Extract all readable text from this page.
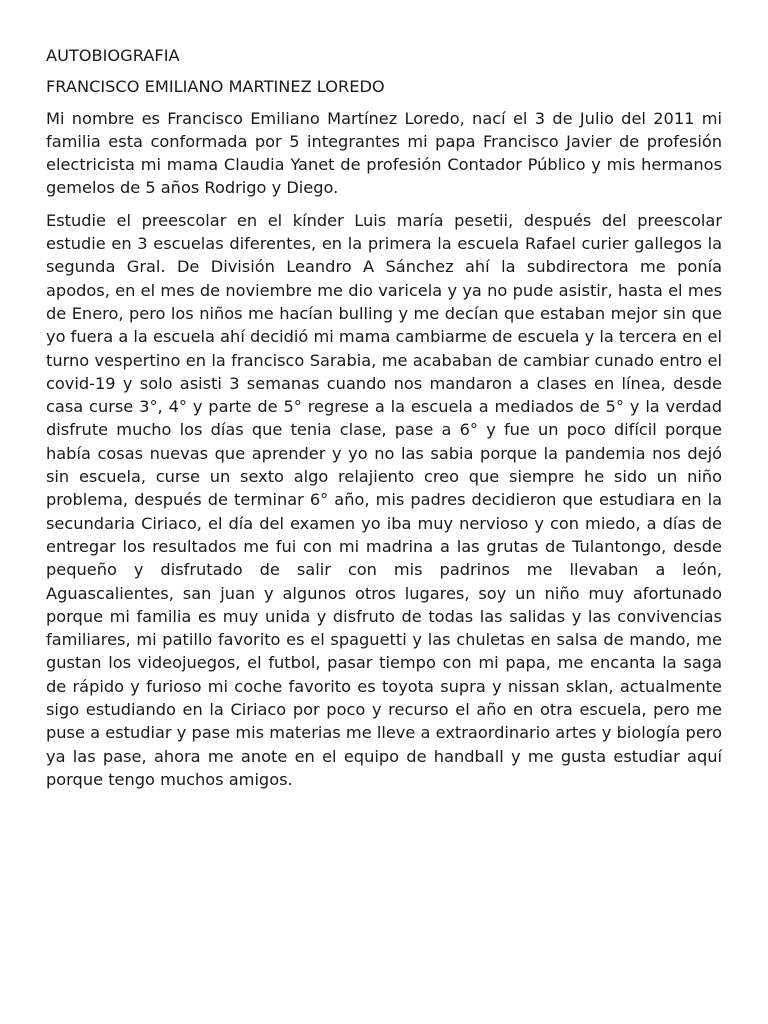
AUTOBIOGRAFIA

FRANCISCO EMILIANO MARTINEZ LOREDO

Mi nombre es Francisco Emiliano Martínez Loredo, nací el 3 de Julio del 2011 mi familia esta conformada por 5 integrantes mi papa Francisco Javier de profesión electricista mi mama Claudia Yanet de profesión Contador Público y mis hermanos gemelos de 5 años Rodrigo y Diego.

Estudie el preescolar en el kínder Luis maría pesetii, después del preescolar estudie en 3 escuelas diferentes, en la primera la escuela Rafael curier gallegos la segunda Gral. De División Leandro A Sánchez ahí la subdirectora me ponía apodos, en el mes de noviembre me dio varicela y ya no pude asistir, hasta el mes de Enero, pero los niños me hacían bulling y me decían que estaban mejor sin que yo fuera a la escuela ahí decidió mi mama cambiarme de escuela y la tercera en el turno vespertino en la francisco Sarabia, me acababan de cambiar cunado entro el covid-19 y solo asisti 3 semanas cuando nos mandaron a clases en línea, desde casa curse 3°, 4° y parte de 5° regrese a la escuela a mediados de 5° y la verdad disfrute mucho los días que tenia clase, pase a 6° y fue un poco difícil porque había cosas nuevas que aprender y yo no las sabia porque la pandemia nos dejó sin escuela, curse un sexto algo relajiento creo que siempre he sido un niño problema, después de terminar 6° año, mis padres decidieron que estudiara en la secundaria Ciriaco, el día del examen yo iba muy nervioso y con miedo, a días de entregar los resultados me fui con mi madrina a las grutas de Tulantongo, desde pequeño y disfrutado de salir con mis padrinos me llevaban a león, Aguascalientes, san juan y algunos otros lugares, soy un niño muy afortunado porque mi familia es muy unida y disfruto de todas las salidas y las convivencias familiares, mi patillo favorito es el spaguetti y las chuletas en salsa de mando, me gustan los videojuegos, el futbol, pasar tiempo con mi papa, me encanta la saga de rápido y furioso mi coche favorito es toyota supra y nissan sklan, actualmente sigo estudiando en la Ciriaco por poco y recurso el año en otra escuela, pero me puse a estudiar y pase mis materias me lleve a extraordinario artes y biología pero ya las pase, ahora me anote en el equipo de handball y me gusta estudiar aquí porque tengo muchos amigos.
